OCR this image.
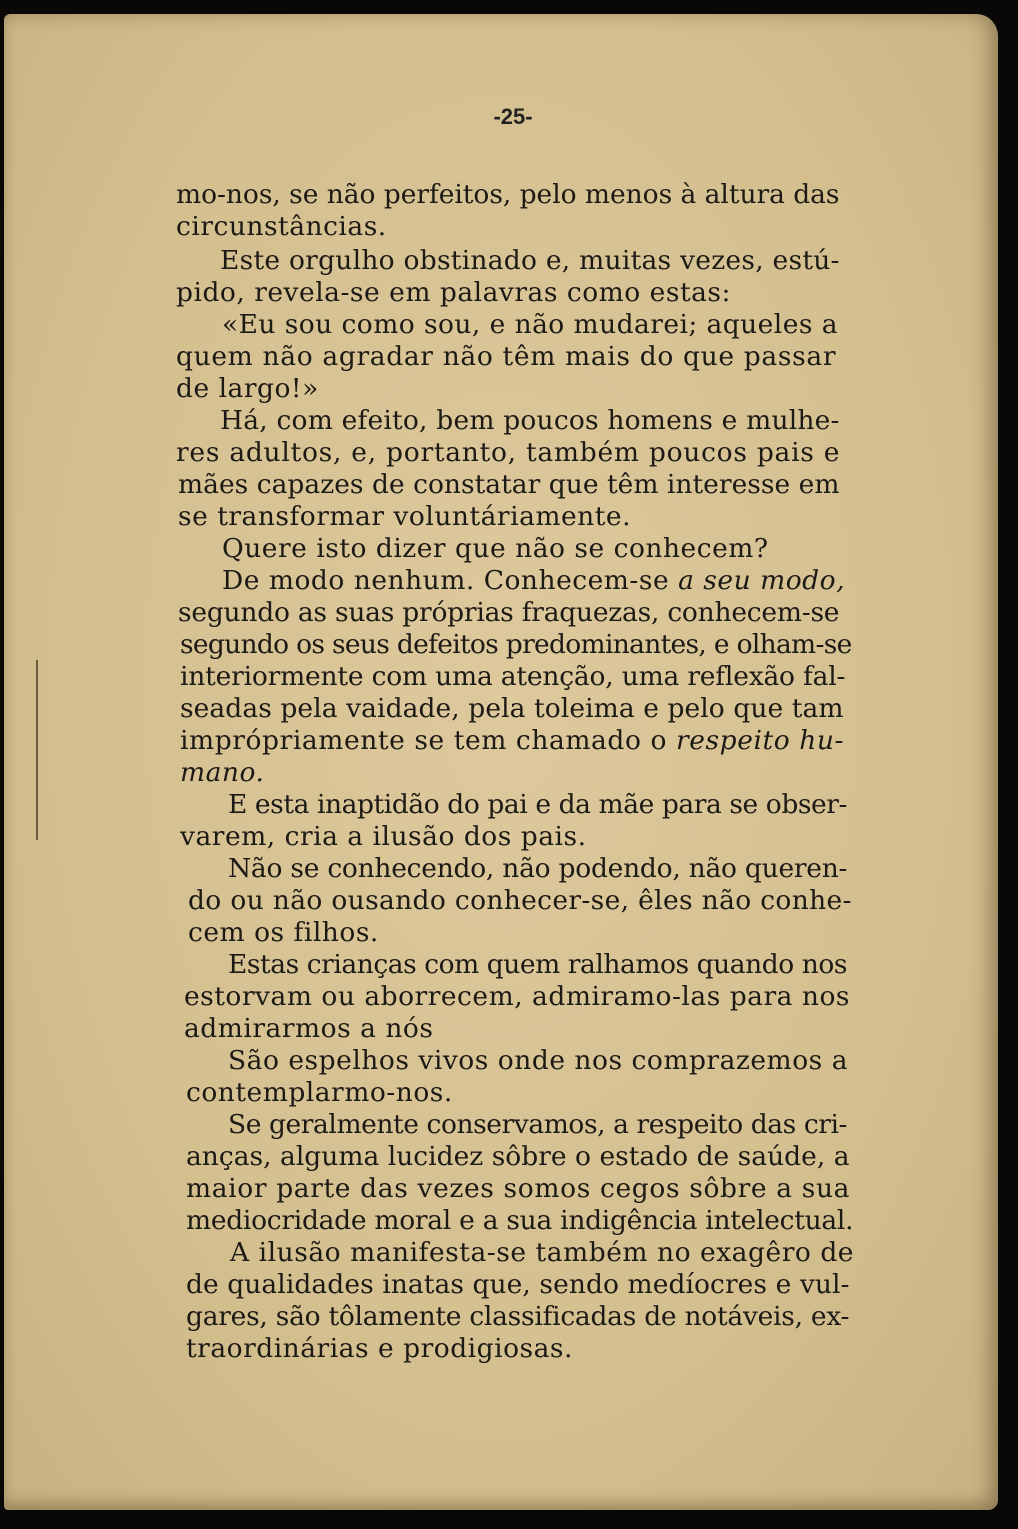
-25-
mo-nos, se não perfeitos, pelo menos à altura das
circunstâncias.
Este orgulho obstinado e, muitas vezes, estú-
pido, revela-se em palavras como estas:
«Eu sou como sou, e não mudarei; aqueles a
quem não agradar não têm mais do que passar
de largo!»
Há, com efeito, bem poucos homens e mulhe-
res adultos, e, portanto, também poucos pais e
mães capazes de constatar que têm interesse em
se transformar voluntáriamente.
Quere isto dizer que não se conhecem?
De modo nenhum. Conhecem-se a seu modo,
segundo as suas próprias fraquezas, conhecem-se
segundo os seus defeitos predominantes, e olham-se
interiormente com uma atenção, uma reflexão fal-
seadas pela vaidade, pela toleima e pelo que tam
imprópriamente se tem chamado o respeito hu-
mano.
E esta inaptidão do pai e da mãe para se obser-
varem, cria a ilusão dos pais.
Não se conhecendo, não podendo, não queren-
do ou não ousando conhecer-se, êles não conhe-
cem os filhos.
Estas crianças com quem ralhamos quando nos
estorvam ou aborrecem, admiramo-las para nos
admirarmos a nós
São espelhos vivos onde nos comprazemos a
contemplarmo-nos.
Se geralmente conservamos, a respeito das cri-
anças, alguma lucidez sôbre o estado de saúde, a
maior parte das vezes somos cegos sôbre a sua
mediocridade moral e a sua indigência intelectual.
A ilusão manifesta-se também no exagêro de
de qualidades inatas que, sendo medíocres e vul-
gares, são tôlamente classificadas de notáveis, ex-
traordinárias e prodigiosas.
